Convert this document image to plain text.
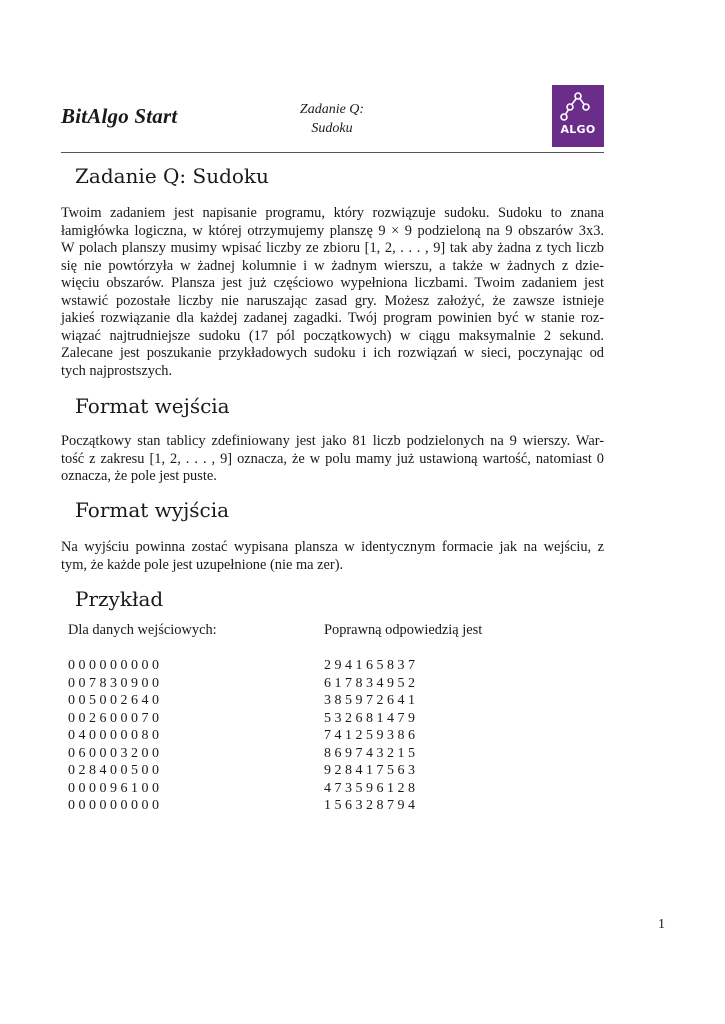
BitAlgo Start	Zadanie Q:
Sudoku	ALGO
Zadanie Q: Sudoku
Twoim zadaniem jest napisanie programu, który rozwiązuje sudoku. Sudoku to znana
łamigłówka logiczna, w której otrzymujemy planszę 9 × 9 podzieloną na 9 obszarów 3x3.
W polach planszy musimy wpisać liczby ze zbioru [1, 2, . . . , 9] tak aby żadna z tych liczb
się nie powtórzyła w żadnej kolumnie i w żadnym wierszu, a także w żadnych z dzie-
więciu obszarów. Plansza jest już częściowo wypełniona liczbami. Twoim zadaniem jest
wstawić pozostałe liczby nie naruszając zasad gry. Możesz założyć, że zawsze istnieje
jakieś rozwiązanie dla każdej zadanej zagadki. Twój program powinien być w stanie roz-
wiązać najtrudniejsze sudoku (17 pól początkowych) w ciągu maksymalnie 2 sekund.
Zalecane jest poszukanie przykładowych sudoku i ich rozwiązań w sieci, poczynając od
tych najprostszych.
Format wejścia
Początkowy stan tablicy zdefiniowany jest jako 81 liczb podzielonych na 9 wierszy. War-
tość z zakresu [1, 2, . . . , 9] oznacza, że w polu mamy już ustawioną wartość, natomiast 0
oznacza, że pole jest puste.
Format wyjścia
Na wyjściu powinna zostać wypisana plansza w identycznym formacie jak na wejściu, z
tym, że każde pole jest uzupełnione (nie ma zer).
Przykład
Dla danych wejściowych:	Poprawną odpowiedzią jest
0 0 0 0 0 0 0 0 0
0 0 7 8 3 0 9 0 0
0 0 5 0 0 2 6 4 0
0 0 2 6 0 0 0 7 0
0 4 0 0 0 0 0 8 0
0 6 0 0 0 3 2 0 0
0 2 8 4 0 0 5 0 0
0 0 0 0 9 6 1 0 0
0 0 0 0 0 0 0 0 0
2 9 4 1 6 5 8 3 7
6 1 7 8 3 4 9 5 2
3 8 5 9 7 2 6 4 1
5 3 2 6 8 1 4 7 9
7 4 1 2 5 9 3 8 6
8 6 9 7 4 3 2 1 5
9 2 8 4 1 7 5 6 3
4 7 3 5 9 6 1 2 8
1 5 6 3 2 8 7 9 4
1
